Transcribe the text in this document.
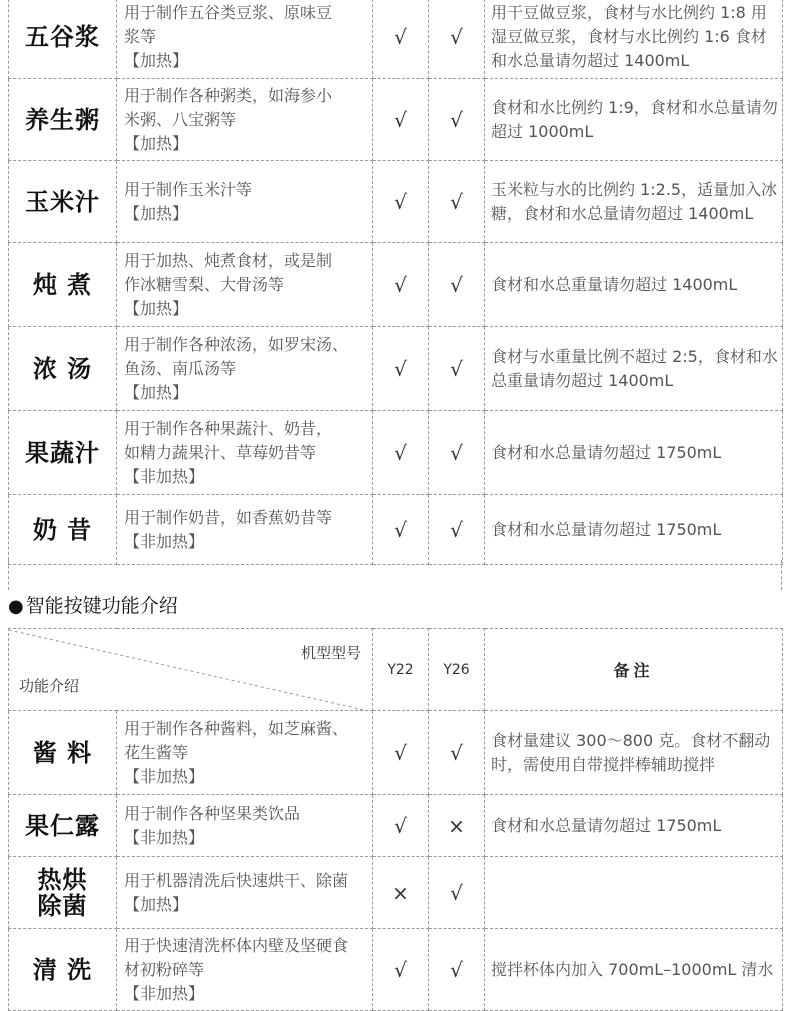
五谷浆	用于制作五谷类豆浆、原味豆
浆等
【加热】	√	√	用干豆做豆浆，食材与水比例约 1:8 用湿豆做豆浆，食材与水比例约 1:6 食材和水总量请勿超过 1400mL
养生粥	用于制作各种粥类，如海参小
米粥、八宝粥等
【加热】	√	√	食材和水比例约 1:9，食材和水总量请勿超过 1000mL
玉米汁	用于制作玉米汁等
【加热】	√	√	玉米粒与水的比例约 1:2.5，适量加入冰糖，食材和水总量请勿超过 1400mL
炖 煮	用于加热、炖煮食材，或是制
作冰糖雪梨、大骨汤等
【加热】	√	√	食材和水总重量请勿超过 1400mL
浓 汤	用于制作各种浓汤，如罗宋汤、
鱼汤、南瓜汤等
【加热】	√	√	食材与水重量比例不超过 2:5，食材和水总重量请勿超过 1400mL
果蔬汁	用于制作各种果蔬汁、奶昔，
如精力蔬果汁、草莓奶昔等
【非加热】	√	√	食材和水总量请勿超过 1750mL
奶 昔	用于制作奶昔，如香蕉奶昔等
【非加热】	√	√	食材和水总量请勿超过 1750mL
● 智能按键功能介绍
机型型号
功能介绍		Y22	Y26	备注
酱 料	用于制作各种酱料，如芝麻酱、
花生酱等
【非加热】	√	√	食材量建议 300～800 克。食材不翻动时，需使用自带搅拌棒辅助搅拌
果仁露	用于制作各种坚果类饮品
【非加热】	√	×	食材和水总量请勿超过 1750mL
热烘
除菌	用于机器清洗后快速烘干、除菌
【加热】	×	√	
清 洗	用于快速清洗杯体内壁及坚硬食
材初粉碎等
【非加热】	√	√	搅拌杯体内加入 700mL–1000mL 清水
